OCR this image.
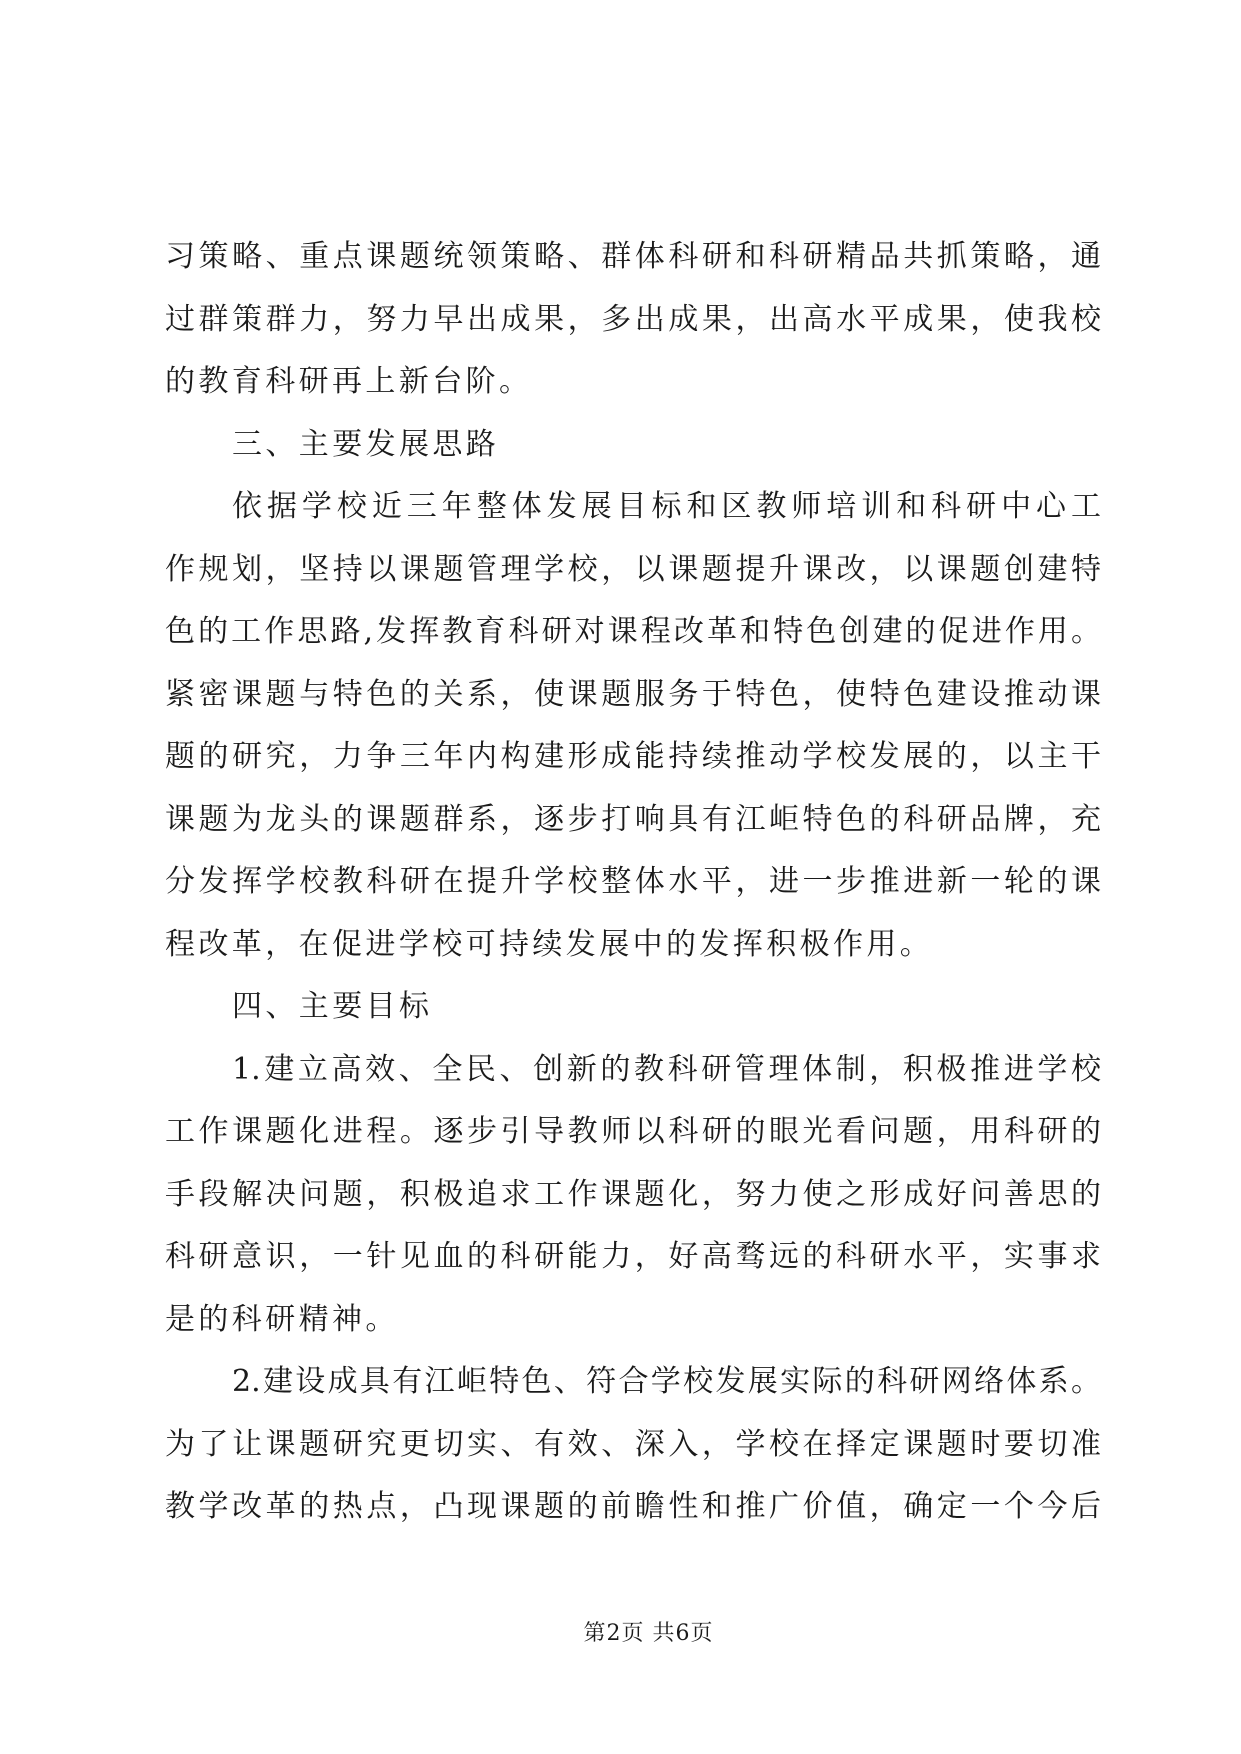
习策略、重点课题统领策略、群体科研和科研精品共抓策略，通
过群策群力，努力早出成果，多出成果，出高水平成果，使我校
的教育科研再上新台阶。
三、主要发展思路
依据学校近三年整体发展目标和区教师培训和科研中心工
作规划，坚持以课题管理学校，以课题提升课改，以课题创建特
色的工作思路,发挥教育科研对课程改革和特色创建的促进作用。
紧密课题与特色的关系，使课题服务于特色，使特色建设推动课
题的研究，力争三年内构建形成能持续推动学校发展的，以主干
课题为龙头的课题群系，逐步打响具有江岠特色的科研品牌，充
分发挥学校教科研在提升学校整体水平，进一步推进新一轮的课
程改革，在促进学校可持续发展中的发挥积极作用。
四、主要目标
1.建立高效、全民、创新的教科研管理体制，积极推进学校
工作课题化进程。逐步引导教师以科研的眼光看问题，用科研的
手段解决问题，积极追求工作课题化，努力使之形成好问善思的
科研意识，一针见血的科研能力，好高骛远的科研水平，实事求
是的科研精神。
2.建设成具有江岠特色、符合学校发展实际的科研网络体系。
为了让课题研究更切实、有效、深入，学校在择定课题时要切准
教学改革的热点，凸现课题的前瞻性和推广价值，确定一个今后
第2页 共6页
